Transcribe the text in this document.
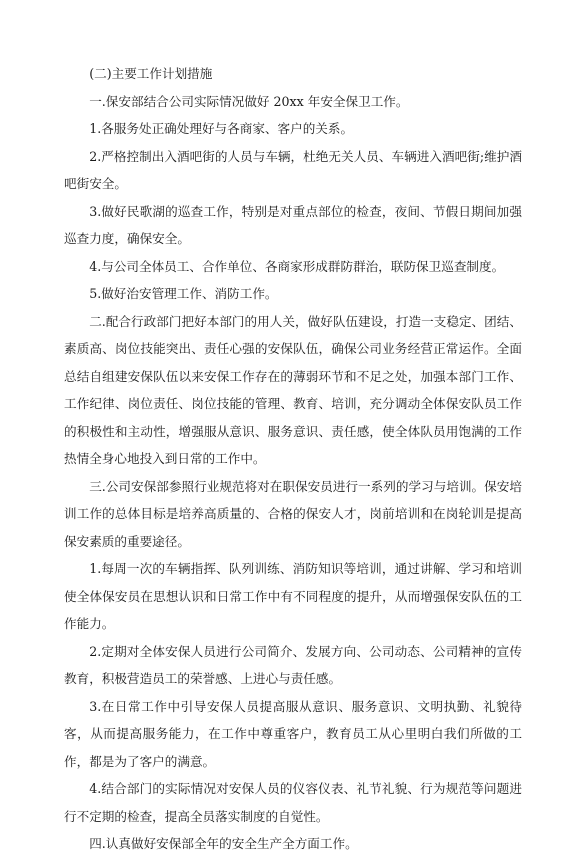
(二)主要工作计划措施

一.保安部结合公司实际情况做好 20xx 年安全保卫工作。

1.各服务处正确处理好与各商家、客户的关系。

2.严格控制出入酒吧街的人员与车辆，杜绝无关人员、车辆进入酒吧街;维护酒吧街安全。

3.做好民歌湖的巡查工作，特别是对重点部位的检查，夜间、节假日期间加强巡查力度，确保安全。

4.与公司全体员工、合作单位、各商家形成群防群治，联防保卫巡查制度。

5.做好治安管理工作、消防工作。

二.配合行政部门把好本部门的用人关，做好队伍建设，打造一支稳定、团结、素质高、岗位技能突出、责任心强的安保队伍，确保公司业务经营正常运作。全面总结自组建安保队伍以来安保工作存在的薄弱环节和不足之处，加强本部门工作、工作纪律、岗位责任、岗位技能的管理、教育、培训，充分调动全体保安队员工作的积极性和主动性，增强服从意识、服务意识、责任感，使全体队员用饱满的工作热情全身心地投入到日常的工作中。

三.公司安保部参照行业规范将对在职保安员进行一系列的学习与培训。保安培训工作的总体目标是培养高质量的、合格的保安人才，岗前培训和在岗轮训是提高保安素质的重要途径。

1.每周一次的车辆指挥、队列训练、消防知识等培训，通过讲解、学习和培训使全体保安员在思想认识和日常工作中有不同程度的提升，从而增强保安队伍的工作能力。

2.定期对全体安保人员进行公司简介、发展方向、公司动态、公司精神的宣传教育，积极营造员工的荣誉感、上进心与责任感。

3.在日常工作中引导安保人员提高服从意识、服务意识、文明执勤、礼貌待客，从而提高服务能力，在工作中尊重客户，教育员工从心里明白我们所做的工作，都是为了客户的满意。

4.结合部门的实际情况对安保人员的仪容仪表、礼节礼貌、行为规范等问题进行不定期的检查，提高全员落实制度的自觉性。

四.认真做好安保部全年的安全生产全方面工作。
